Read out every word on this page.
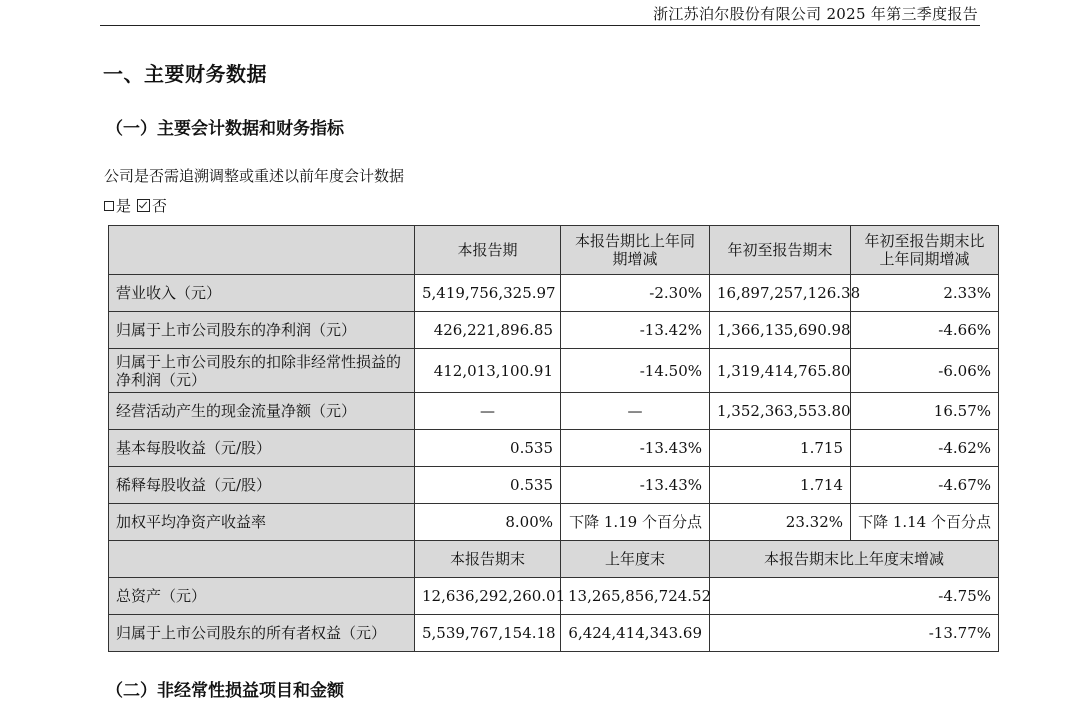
浙江苏泊尔股份有限公司 2025 年第三季度报告
一、主要财务数据
（一）主要会计数据和财务指标
公司是否需追溯调整或重述以前年度会计数据
是 否
	本报告期	本报告期比上年同期增减	年初至报告期末	年初至报告期末比上年同期增减
营业收入（元）	5,419,756,325.97	-2.30%	16,897,257,126.38	2.33%
归属于上市公司股东的净利润（元）	426,221,896.85	-13.42%	1,366,135,690.98	-4.66%
归属于上市公司股东的扣除非经常性损益的净利润（元）	412,013,100.91	-14.50%	1,319,414,765.80	-6.06%
经营活动产生的现金流量净额（元）	—	—	1,352,363,553.80	16.57%
基本每股收益（元/股）	0.535	-13.43%	1.715	-4.62%
稀释每股收益（元/股）	0.535	-13.43%	1.714	-4.67%
加权平均净资产收益率	8.00%	下降 1.19 个百分点	23.32%	下降 1.14 个百分点
	本报告期末	上年度末	本报告期末比上年度末增减	
总资产（元）	12,636,292,260.01	13,265,856,724.52	-4.75%	
归属于上市公司股东的所有者权益（元）	5,539,767,154.18	6,424,414,343.69	-13.77%	
（二）非经常性损益项目和金额
